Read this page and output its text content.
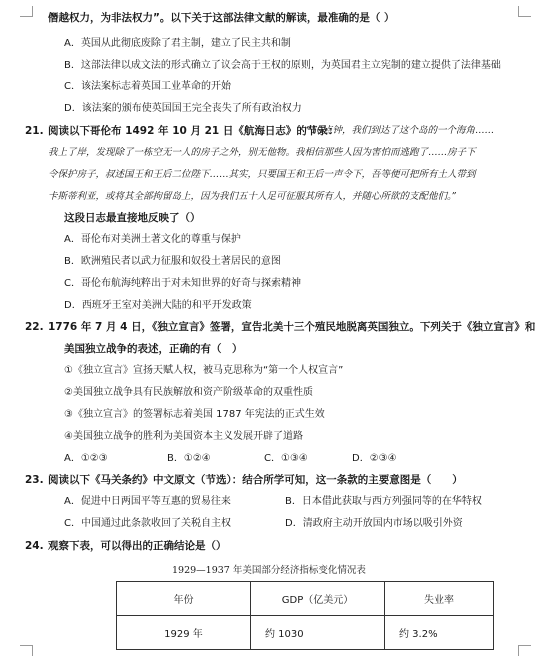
僭越权力，为非法权力”。以下关于这部法律文献的解读，最准确的是（ ）
A．英国从此彻底废除了君主制，建立了民主共和制
B．这部法律以成文法的形式确立了议会高于王权的原则，为英国君主立宪制的建立提供了法律基础
C．该法案标志着英国工业革命的开始
D．该法案的颁布使英国国王完全丧失了所有政治权力
21. 阅读以下哥伦布 1492 年 10 月 21 日《航海日志》的节录：
“10点钟，我们到达了这个岛的一个海角……
我上了岸，发现除了一栋空无一人的房子之外，别无他物。我相信那些人因为害怕而逃跑了……房子下
令保护房子，叔述国王和王后二位陛下……其实，只要国王和王后一声令下，吾等便可把所有土人带到
卡斯蒂利亚，或将其全部拘留岛上，因为我们五十人足可征服其所有人，并随心所欲的支配他们。”
这段日志最直接地反映了（）
A．哥伦布对美洲土著文化的尊重与保护
B．欧洲殖民者以武力征服和奴役土著居民的意图
C．哥伦布航海纯粹出于对未知世界的好奇与探索精神
D．西班牙王室对美洲大陆的和平开发政策
22. 1776 年 7 月 4 日，《独立宣言》签署，宣告北美十三个殖民地脱离英国独立。下列关于《独立宣言》和
美国独立战争的表述，正确的有（　）
①《独立宣言》宣扬天赋人权，被马克思称为“第一个人权宣言”
②美国独立战争具有民族解放和资产阶级革命的双重性质
③《独立宣言》的签署标志着美国 1787 年宪法的正式生效
④美国独立战争的胜利为美国资本主义发展开辟了道路
A．①②③	B．①②④	C．①③④	D．②③④
23. 阅读以下《马关条约》中文原文（节选）：结合所学可知，这一条款的主要意图是（　　）
A．促进中日两国平等互惠的贸易往来	B．日本借此获取与西方列强同等的在华特权
C．中国通过此条款收回了关税自主权	D．清政府主动开放国内市场以吸引外资
24. 观察下表，可以得出的正确结论是（）
1929—1937 年美国部分经济指标变化情况表
年份	GDP（亿美元）	失业率
1929 年	约 1030	约 3.2%
